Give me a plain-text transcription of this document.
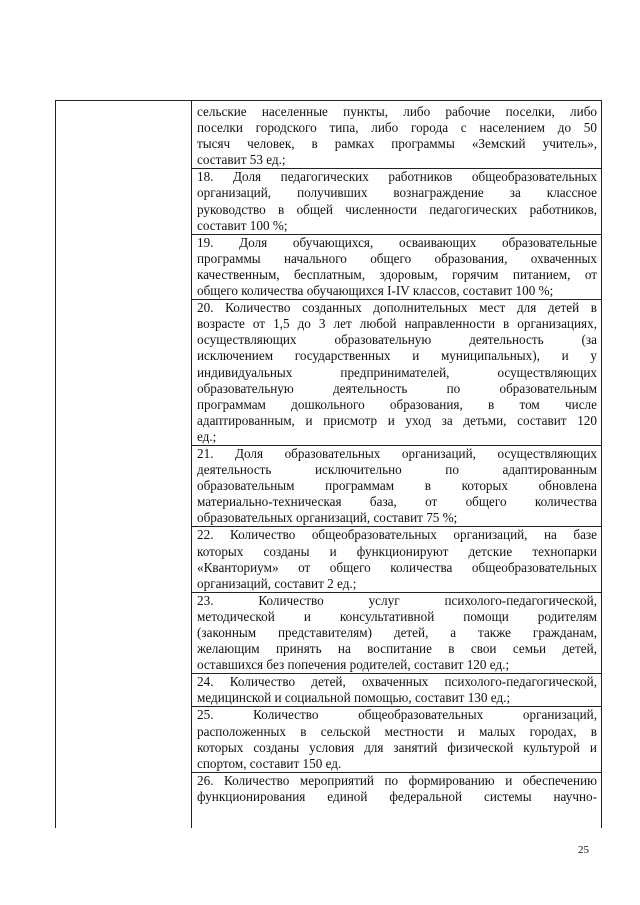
сельские населенные пункты, либо рабочие поселки, либо
поселки городского типа, либо города с населением до 50
тысяч человек, в рамках программы «Земский учитель»,
составит 53 ед.;
18. Доля педагогических работников общеобразовательных
организаций, получивших вознаграждение за классное
руководство в общей численности педагогических работников,
составит 100 %;
19. Доля обучающихся, осваивающих образовательные
программы начального общего образования, охваченных
качественным, бесплатным, здоровым, горячим питанием, от
общего количества обучающихся I-IV классов, составит 100 %;
20. Количество созданных дополнительных мест для детей в
возрасте от 1,5 до 3 лет любой направленности в организациях,
осуществляющих образовательную деятельность (за
исключением государственных и муниципальных), и у
индивидуальных предпринимателей, осуществляющих
образовательную деятельность по образовательным
программам дошкольного образования, в том числе
адаптированным, и присмотр и уход за детьми, составит 120
ед.;
21. Доля образовательных организаций, осуществляющих
деятельность исключительно по адаптированным
образовательным программам в которых обновлена
материально-техническая база, от общего количества
образовательных организаций, составит 75 %;
22. Количество общеобразовательных организаций, на базе
которых созданы и функционируют детские технопарки
«Кванториум» от общего количества общеобразовательных
организаций, составит 2 ед.;
23. Количество услуг психолого-педагогической,
методической и консультативной помощи родителям
(законным представителям) детей, а также гражданам,
желающим принять на воспитание в свои семьи детей,
оставшихся без попечения родителей, составит 120 ед.;
24. Количество детей, охваченных психолого-педагогической,
медицинской и социальной помощью, составит 130 ед.;
25. Количество общеобразовательных организаций,
расположенных в сельской местности и малых городах, в
которых созданы условия для занятий физической культурой и
спортом, составит 150 ед.
26. Количество мероприятий по формированию и обеспечению
функционирования единой федеральной системы научно-
25
